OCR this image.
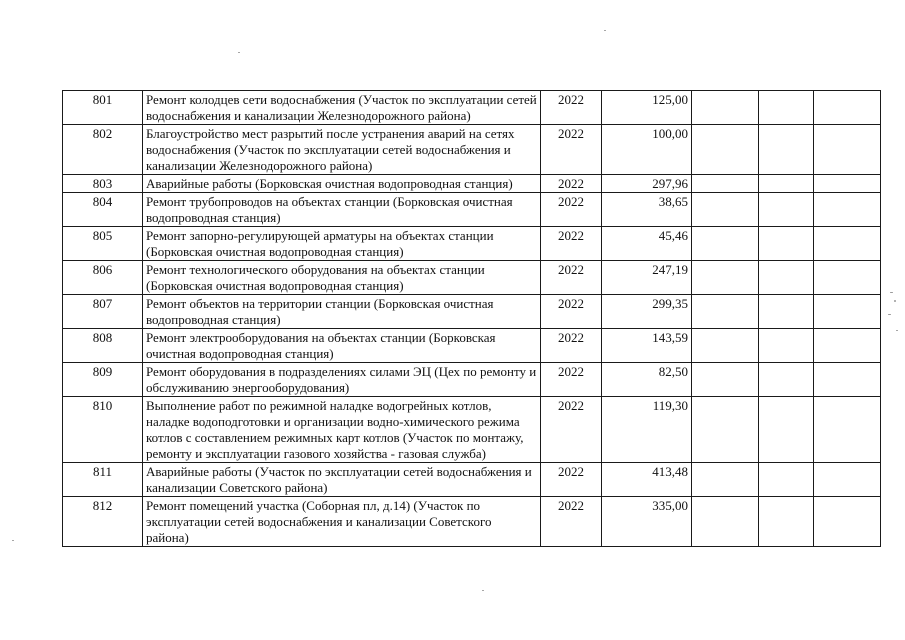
801	Ремонт колодцев сети водоснабжения (Участок по эксплуатации сетей водоснабжения и канализации Железнодорожного района)	2022	125,00			
802	Благоустройство мест разрытий после устранения аварий на сетях водоснабжения (Участок по эксплуатации сетей водоснабжения и канализации Железнодорожного района)	2022	100,00			
803	Аварийные работы (Борковская очистная водопроводная станция)	2022	297,96			
804	Ремонт трубопроводов на объектах станции (Борковская очистная водопроводная станция)	2022	38,65			
805	Ремонт запорно-регулирующей арматуры на объектах станции (Борковская очистная водопроводная станция)	2022	45,46			
806	Ремонт технологического оборудования на объектах станции (Борковская очистная водопроводная станция)	2022	247,19			
807	Ремонт объектов на территории станции (Борковская очистная водопроводная станция)	2022	299,35			
808	Ремонт электрооборудования на объектах станции (Борковская очистная водопроводная станция)	2022	143,59			
809	Ремонт оборудования в подразделениях силами ЭЦ (Цех по ремонту и обслуживанию энергооборудования)	2022	82,50			
810	Выполнение работ по режимной наладке водогрейных котлов, наладке водоподготовки и организации водно-химического режима котлов с составлением режимных карт котлов (Участок по монтажу, ремонту и эксплуатации газового хозяйства - газовая служба)	2022	119,30			
811	Аварийные работы (Участок по эксплуатации сетей водоснабжения и канализации Советского района)	2022	413,48			
812	Ремонт помещений участка (Соборная пл, д.14) (Участок по эксплуатации сетей водоснабжения и канализации Советского района)	2022	335,00			
